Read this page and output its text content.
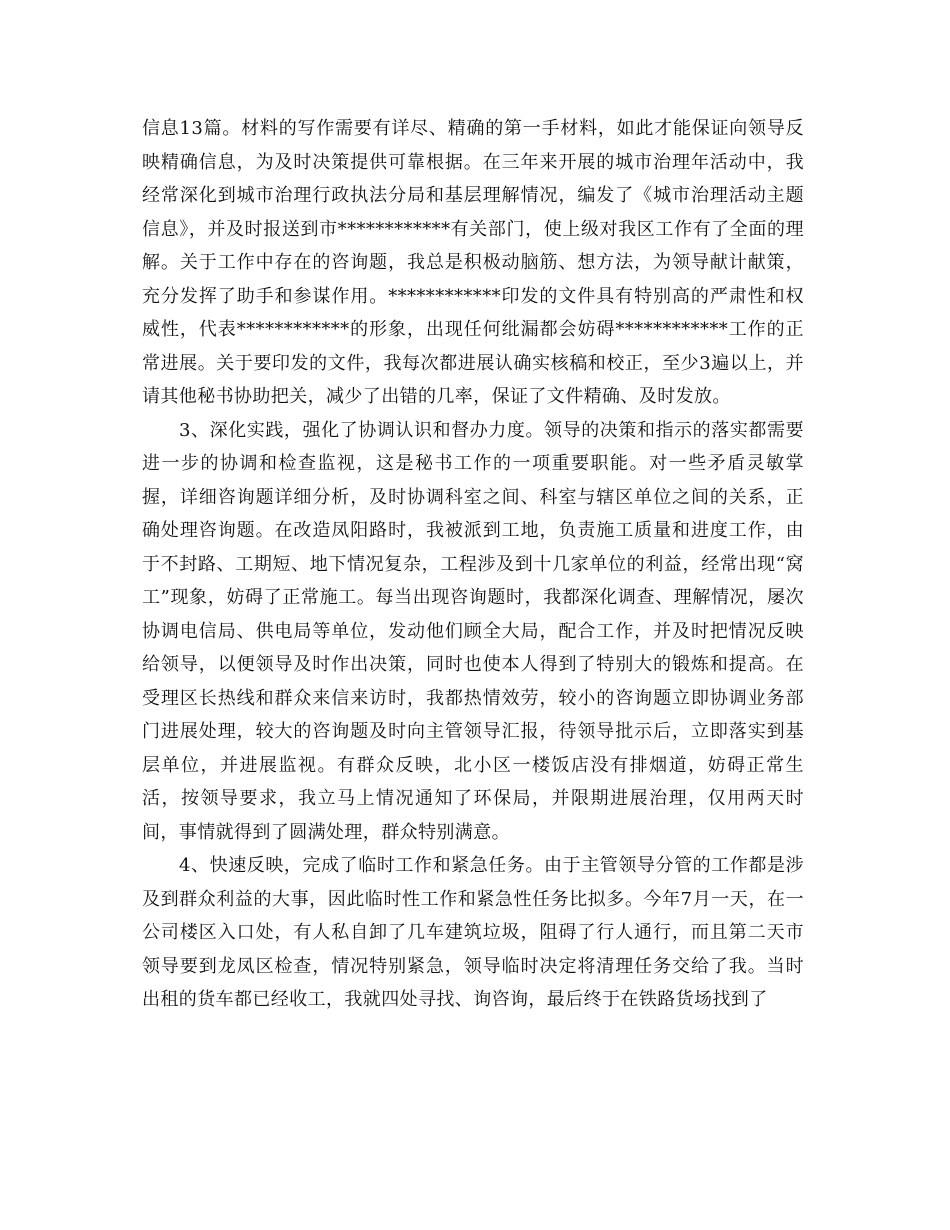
信息13篇。材料的写作需要有详尽、精确的第一手材料，如此才能保证向领导反映精确信息，为及时决策提供可靠根据。在三年来开展的城市治理年活动中，我经常深化到城市治理行政执法分局和基层理解情况，编发了《城市治理活动主题信息》，并及时报送到市************有关部门，使上级对我区工作有了全面的理解。关于工作中存在的咨询题，我总是积极动脑筋、想方法，为领导献计献策，充分发挥了助手和参谋作用。************印发的文件具有特别高的严肃性和权威性，代表************的形象，出现任何纰漏都会妨碍************工作的正常进展。关于要印发的文件，我每次都进展认确实核稿和校正，至少3遍以上，并请其他秘书协助把关，减少了出错的几率，保证了文件精确、及时发放。

3、深化实践，强化了协调认识和督办力度。领导的决策和指示的落实都需要进一步的协调和检查监视，这是秘书工作的一项重要职能。对一些矛盾灵敏掌握，详细咨询题详细分析，及时协调科室之间、科室与辖区单位之间的关系，正确处理咨询题。在改造凤阳路时，我被派到工地，负责施工质量和进度工作，由于不封路、工期短、地下情况复杂，工程涉及到十几家单位的利益，经常出现“窝工”现象，妨碍了正常施工。每当出现咨询题时，我都深化调查、理解情况，屡次协调电信局、供电局等单位，发动他们顾全大局，配合工作，并及时把情况反映给领导，以便领导及时作出决策，同时也使本人得到了特别大的锻炼和提高。在受理区长热线和群众来信来访时，我都热情效劳，较小的咨询题立即协调业务部门进展处理，较大的咨询题及时向主管领导汇报，待领导批示后，立即落实到基层单位，并进展监视。有群众反映，北小区一楼饭店没有排烟道，妨碍正常生活，按领导要求，我立马上情况通知了环保局，并限期进展治理，仅用两天时间，事情就得到了圆满处理，群众特别满意。

4、快速反映，完成了临时工作和紧急任务。由于主管领导分管的工作都是涉及到群众利益的大事，因此临时性工作和紧急性任务比拟多。今年7月一天，在一公司楼区入口处，有人私自卸了几车建筑垃圾，阻碍了行人通行，而且第二天市领导要到龙凤区检查，情况特别紧急，领导临时决定将清理任务交给了我。当时出租的货车都已经收工，我就四处寻找、询咨询，最后终于在铁路货场找到了
